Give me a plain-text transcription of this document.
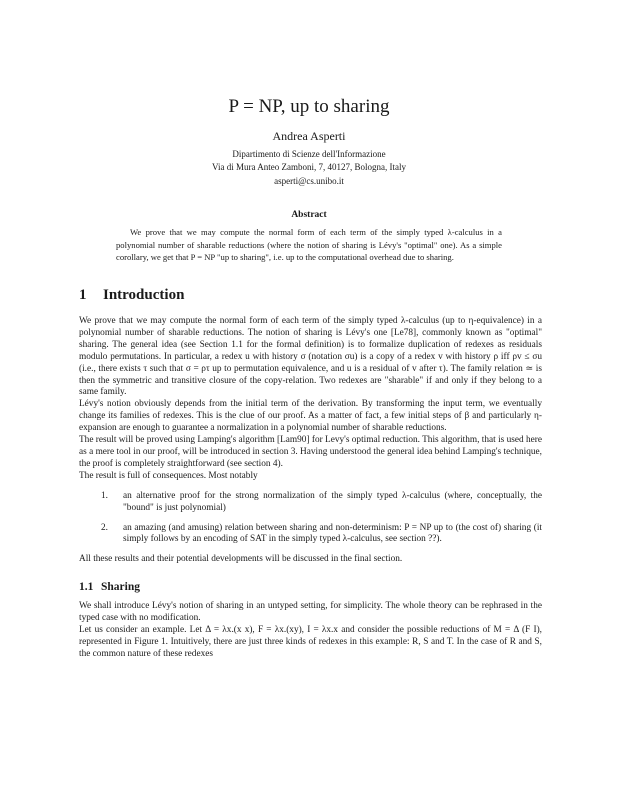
P = NP, up to sharing
Andrea Asperti
Dipartimento di Scienze dell'Informazione
Via di Mura Anteo Zamboni, 7, 40127, Bologna, Italy
asperti@cs.unibo.it
Abstract

We prove that we may compute the normal form of each term of the simply typed λ-calculus in a polynomial number of sharable reductions (where the notion of sharing is Lévy's "optimal" one). As a simple corollary, we get that P = NP "up to sharing", i.e. up to the computational overhead due to sharing.

1 Introduction

We prove that we may compute the normal form of each term of the simply typed λ-calculus (up to η-equivalence) in a polynomial number of sharable reductions. The notion of sharing is Lévy's one [Le78], commonly known as "optimal" sharing. The general idea (see Section 1.1 for the formal definition) is to formalize duplication of redexes as residuals modulo permutations. In particular, a redex u with history σ (notation σu) is a copy of a redex v with history ρ iff ρv ≤ σu (i.e., there exists τ such that σ = ρτ up to permutation equivalence, and u is a residual of v after τ). The family relation ≃ is then the symmetric and transitive closure of the copy-relation. Two redexes are "sharable" if and only if they belong to a same family.

Lévy's notion obviously depends from the initial term of the derivation. By transforming the input term, we eventually change its families of redexes. This is the clue of our proof. As a matter of fact, a few initial steps of β and particularly η-expansion are enough to guarantee a normalization in a polynomial number of sharable reductions.

The result will be proved using Lamping's algorithm [Lam90] for Levy's optimal reduction. This algorithm, that is used here as a mere tool in our proof, will be introduced in section 3. Having understood the general idea behind Lamping's technique, the proof is completely straightforward (see section 4).

The result is full of consequences. Most notably

1. an alternative proof for the strong normalization of the simply typed λ-calculus (where, conceptually, the "bound" is just polynomial)
2. an amazing (and amusing) relation between sharing and non-determinism: P = NP up to (the cost of) sharing (it simply follows by an encoding of SAT in the simply typed λ-calculus, see section ??).

All these results and their potential developments will be discussed in the final section.

1.1 Sharing

We shall introduce Lévy's notion of sharing in an untyped setting, for simplicity. The whole theory can be rephrased in the typed case with no modification.

Let us consider an example. Let Δ = λx.(x x), F = λx.(xy), I = λx.x and consider the possible reductions of M = Δ (F I), represented in Figure 1. Intuitively, there are just three kinds of redexes in this example: R, S and T. In the case of R and S, the common nature of these redexes
